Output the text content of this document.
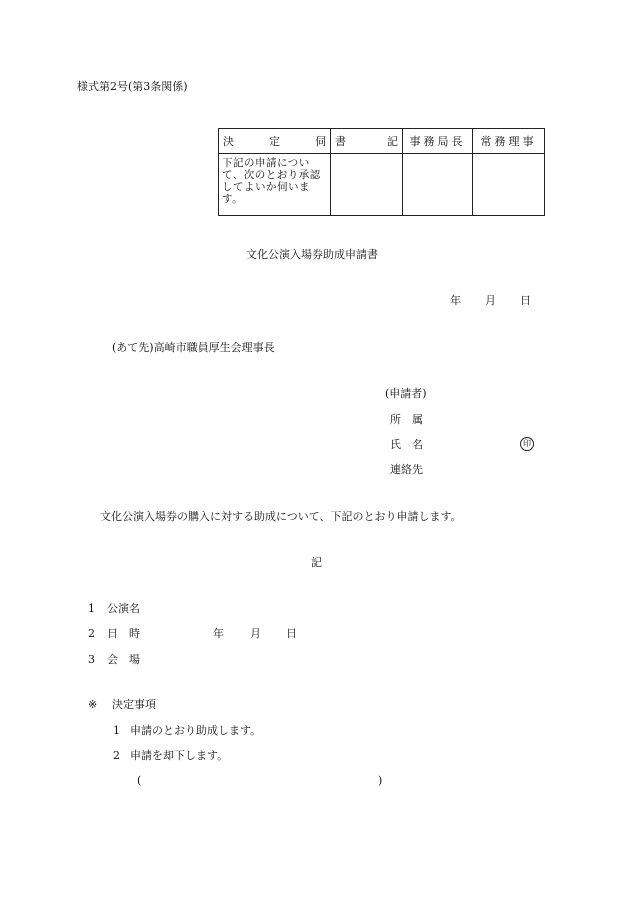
様式第2号(第3条関係)
決 定 伺	書 記	事務局長	常務理事

下記の申請について、次のとおり承認してよいか伺います。			

文化公演入場券助成申請書
年 月 日
(あて先)高崎市職員厚生会理事長
(申請者)
所　属
氏　名	印
連絡先
文化公演入場券の購入に対する助成について、下記のとおり申請します。
記
1 公演名
2 日　時	年 月 日
3 会　場
※ 決定事項
1 申請のとおり助成します。
2 申請を却下します。
(	)
